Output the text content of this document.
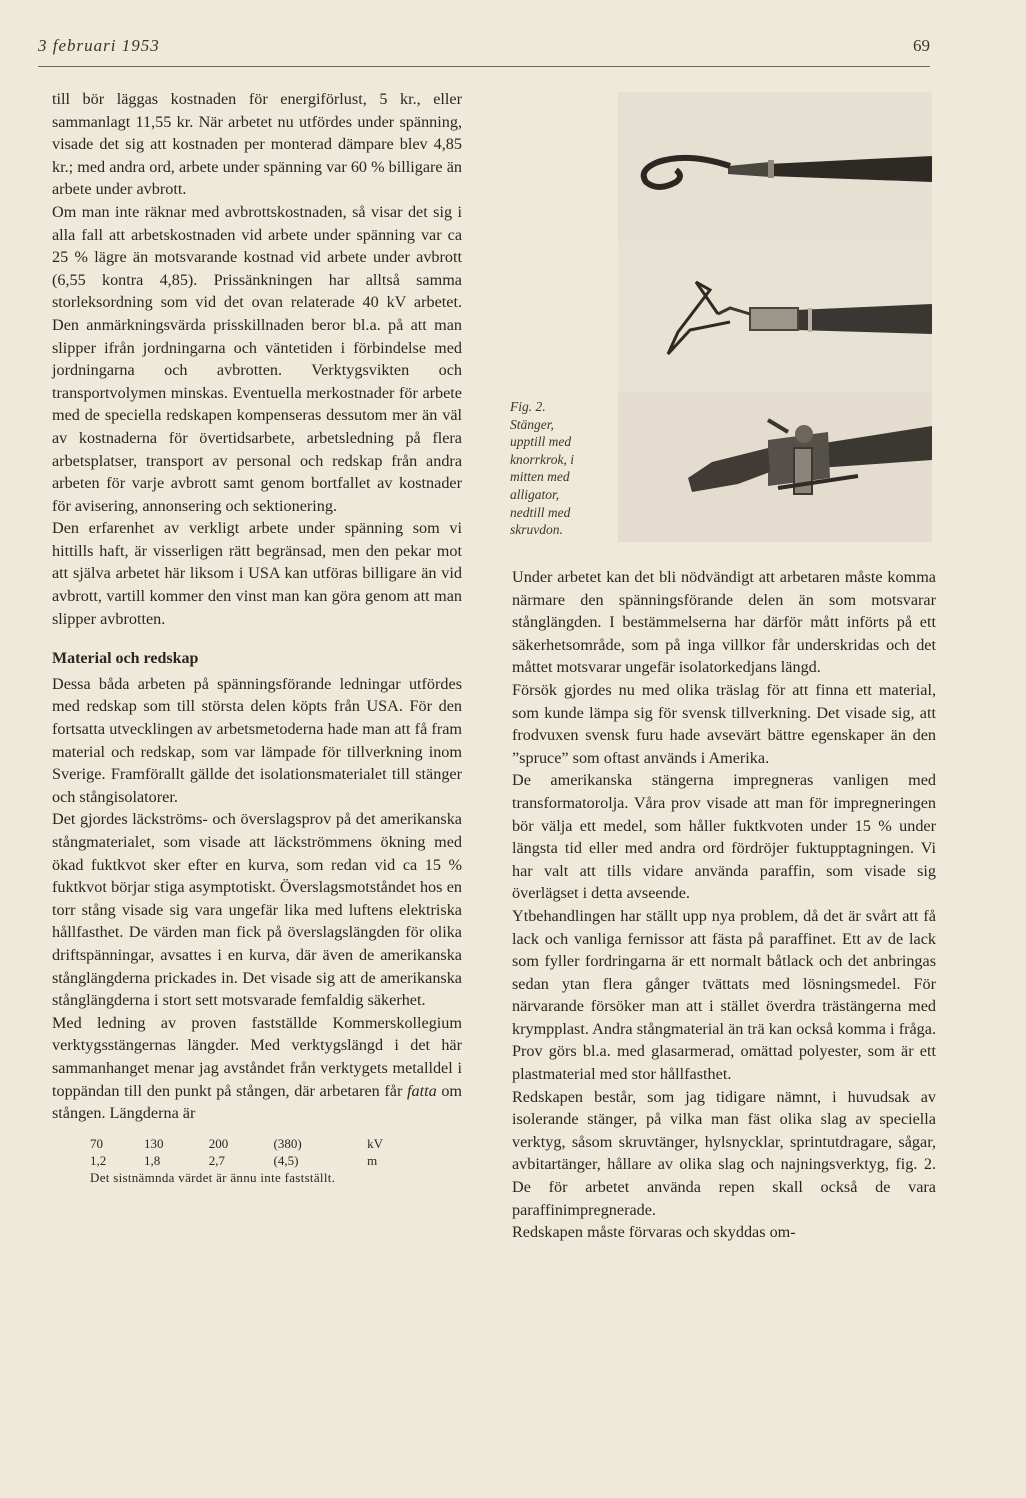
3 februari 1953	69

till bör läggas kostnaden för energiförlust, 5 kr., eller sammanlagt 11,55 kr. När arbetet nu utfördes under spänning, visade det sig att kostnaden per monterad dämpare blev 4,85 kr.; med andra ord, arbete under spänning var 60 % billigare än arbete under avbrott.

Om man inte räknar med avbrottskostnaden, så visar det sig i alla fall att arbetskostnaden vid arbete under spänning var ca 25 % lägre än motsvarande kostnad vid arbete under avbrott (6,55 kontra 4,85). Prissänkningen har alltså samma storleksordning som vid det ovan relaterade 40 kV arbetet. Den anmärkningsvärda prisskillnaden beror bl.a. på att man slipper ifrån jordningarna och väntetiden i förbindelse med jordningarna och avbrotten. Verktygsvikten och transportvolymen minskas. Eventuella merkostnader för arbete med de speciella redskapen kompenseras dessutom mer än väl av kostnaderna för övertidsarbete, arbetsledning på flera arbetsplatser, transport av personal och redskap från andra arbeten för varje avbrott samt genom bortfallet av kostnader för avisering, annonsering och sektionering.

Den erfarenhet av verkligt arbete under spänning som vi hittills haft, är visserligen rätt begränsad, men den pekar mot att själva arbetet här liksom i USA kan utföras billigare än vid avbrott, vartill kommer den vinst man kan göra genom att man slipper avbrotten.

Material och redskap

Dessa båda arbeten på spänningsförande ledningar utfördes med redskap som till största delen köpts från USA. För den fortsatta utvecklingen av arbetsmetoderna hade man att få fram material och redskap, som var lämpade för tillverkning inom Sverige. Framförallt gällde det isolationsmaterialet till stänger och stångisolatorer.

Det gjordes läckströms- och överslagsprov på det amerikanska stångmaterialet, som visade att läckströmmens ökning med ökad fuktkvot sker efter en kurva, som redan vid ca 15 % fuktkvot börjar stiga asymptotiskt. Överslagsmotståndet hos en torr stång visade sig vara ungefär lika med luftens elektriska hållfasthet. De värden man fick på överslagslängden för olika driftspänningar, avsattes i en kurva, där även de amerikanska stånglängderna prickades in. Det visade sig att de amerikanska stånglängderna i stort sett motsvarade femfaldig säkerhet.

Med ledning av proven fastställde Kommerskollegium verktygsstängernas längder. Med verktygslängd i det här sammanhanget menar jag avståndet från verktygets metalldel i toppändan till den punkt på stången, där arbetaren får fatta om stången. Längderna är

70	130	200	(380)	kV
1,2	1,8	2,7	(4,5)	m
Det sistnämnda värdet är ännu inte fastställt.
Fig. 2.
Stänger,
upptill med
knorrkrok, i
mitten med
alligator,
nedtill med
skruvdon.

Under arbetet kan det bli nödvändigt att arbetaren måste komma närmare den spänningsförande delen än som motsvarar stånglängden. I bestämmelserna har därför mått införts på ett säkerhetsområde, som på inga villkor får underskridas och det måttet motsvarar ungefär isolatorkedjans längd.

Försök gjordes nu med olika träslag för att finna ett material, som kunde lämpa sig för svensk tillverkning. Det visade sig, att frodvuxen svensk furu hade avsevärt bättre egenskaper än den ”spruce” som oftast används i Amerika.

De amerikanska stängerna impregneras vanligen med transformatorolja. Våra prov visade att man för impregneringen bör välja ett medel, som håller fuktkvoten under 15 % under längsta tid eller med andra ord fördröjer fuktupptagningen. Vi har valt att tills vidare använda paraffin, som visade sig överlägset i detta avseende.

Ytbehandlingen har ställt upp nya problem, då det är svårt att få lack och vanliga fernissor att fästa på paraffinet. Ett av de lack som fyller fordringarna är ett normalt båtlack och det anbringas sedan ytan flera gånger tvättats med lösningsmedel. För närvarande försöker man att i stället överdra trästängerna med krympplast. Andra stångmaterial än trä kan också komma i fråga. Prov görs bl.a. med glasarmerad, omättad polyester, som är ett plastmaterial med stor hållfasthet.

Redskapen består, som jag tidigare nämnt, i huvudsak av isolerande stänger, på vilka man fäst olika slag av speciella verktyg, såsom skruvtänger, hylsnycklar, sprintutdragare, sågar, avbitartänger, hållare av olika slag och najningsverktyg, fig. 2. De för arbetet använda repen skall också de vara paraffinimpregnerade.

Redskapen måste förvaras och skyddas om-
